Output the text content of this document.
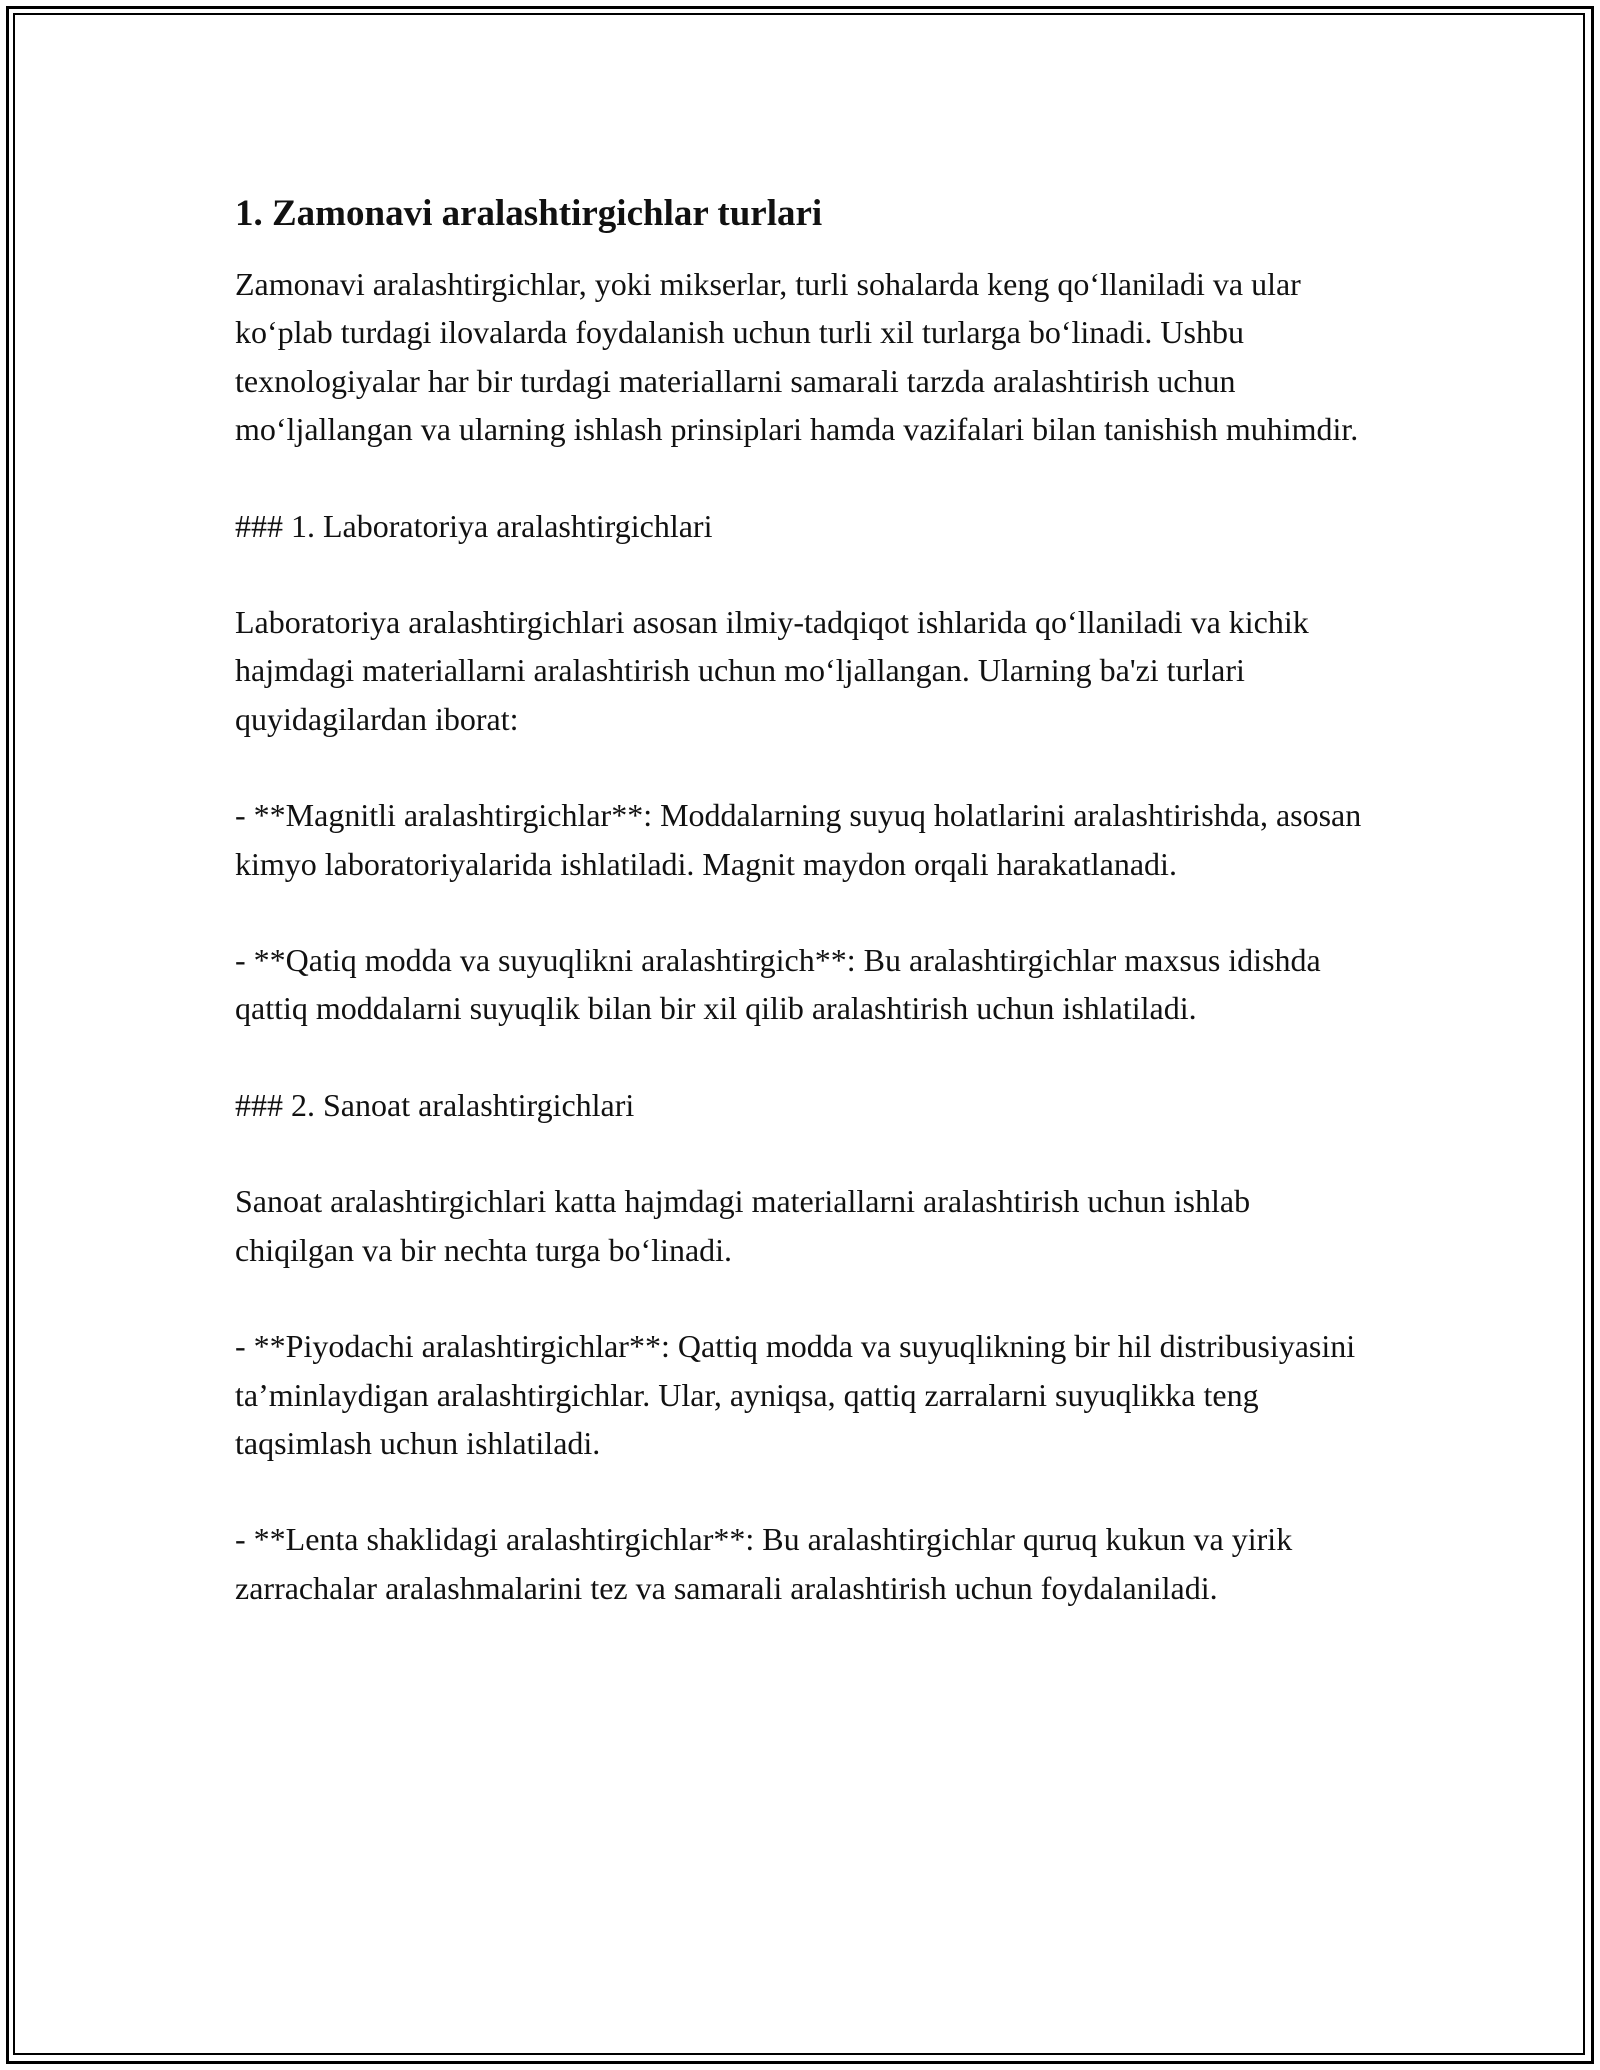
1. Zamonavi aralashtirgichlar turlari

Zamonavi aralashtirgichlar, yoki mikserlar, turli sohalarda keng qo‘llaniladi va ular ko‘plab turdagi ilovalarda foydalanish uchun turli xil turlarga bo‘linadi. Ushbu texnologiyalar har bir turdagi materiallarni samarali tarzda aralashtirish uchun mo‘ljallangan va ularning ishlash prinsiplari hamda vazifalari bilan tanishish muhimdir.

### 1. Laboratoriya aralashtirgichlari

Laboratoriya aralashtirgichlari asosan ilmiy-tadqiqot ishlarida qo‘llaniladi va kichik hajmdagi materiallarni aralashtirish uchun mo‘ljallangan. Ularning ba'zi turlari quyidagilardan iborat:

- **Magnitli aralashtirgichlar**: Moddalarning suyuq holatlarini aralashtirishda, asosan kimyo laboratoriyalarida ishlatiladi. Magnit maydon orqali harakatlanadi.

- **Qatiq modda va suyuqlikni aralashtirgich**: Bu aralashtirgichlar maxsus idishda qattiq moddalarni suyuqlik bilan bir xil qilib aralashtirish uchun ishlatiladi.

### 2. Sanoat aralashtirgichlari

Sanoat aralashtirgichlari katta hajmdagi materiallarni aralashtirish uchun ishlab chiqilgan va bir nechta turga bo‘linadi.

- **Piyodachi aralashtirgichlar**: Qattiq modda va suyuqlikning bir hil distribusiyasini ta’minlaydigan aralashtirgichlar. Ular, ayniqsa, qattiq zarralarni suyuqlikka teng taqsimlash uchun ishlatiladi.

- **Lenta shaklidagi aralashtirgichlar**: Bu aralashtirgichlar quruq kukun va yirik zarrachalar aralashmalarini tez va samarali aralashtirish uchun foydalaniladi.
